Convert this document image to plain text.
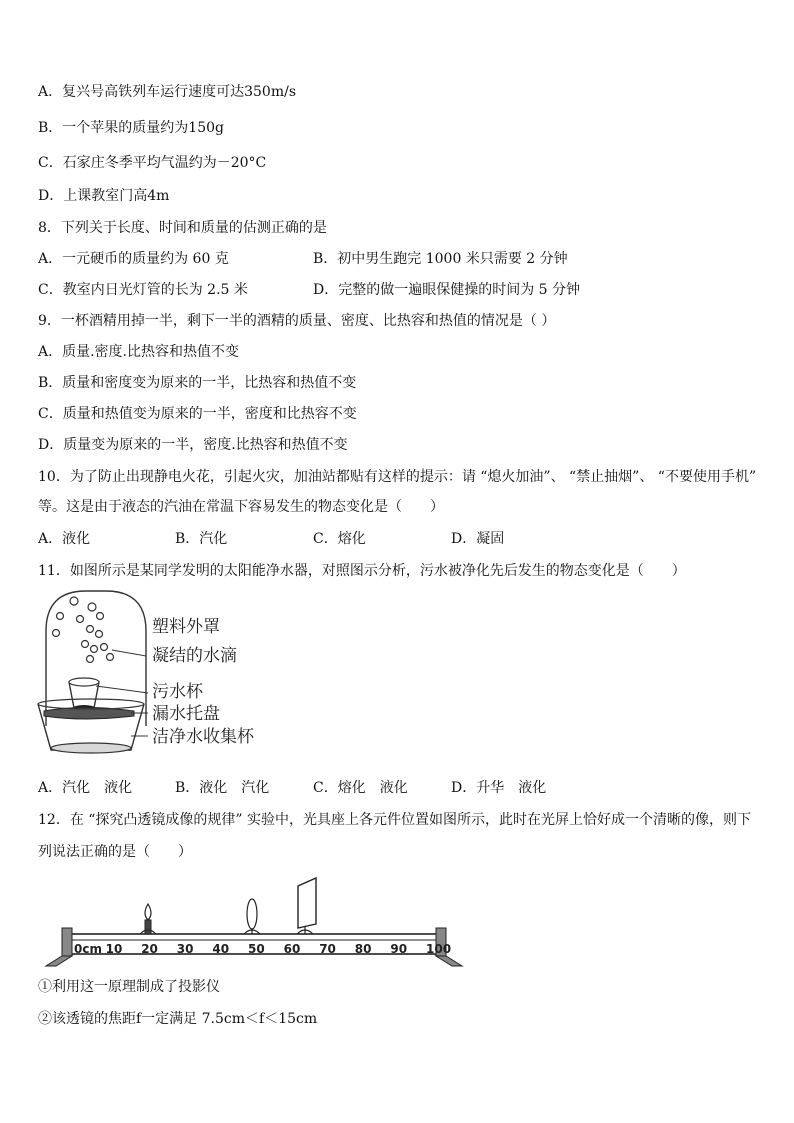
A．复兴号高铁列车运行速度可达350m/s
B．一个苹果的质量约为150g
C．石家庄冬季平均气温约为－20°C
D．上课教室门高4m
8．下列关于长度、时间和质量的估测正确的是
A．一元硬币的质量约为 60 克	B．初中男生跑完 1000 米只需要 2 分钟
C．教室内日光灯管的长为 2.5 米	D．完整的做一遍眼保健操的时间为 5 分钟
9．一杯酒精用掉一半，剩下一半的酒精的质量、密度、比热容和热值的情况是（ ）
A．质量.密度.比热容和热值不变
B．质量和密度变为原来的一半，比热容和热值不变
C．质量和热值变为原来的一半，密度和比热容不变
D．质量变为原来的一半，密度.比热容和热值不变
10．为了防止出现静电火花，引起火灾，加油站都贴有这样的提示：请 “熄火加油”、 “禁止抽烟”、 “不要使用手机”
等。这是由于液态的汽油在常温下容易发生的物态变化是（　　）
A．液化	B．汽化	C．熔化	D．凝固
11．如图所示是某同学发明的太阳能净水器，对照图示分析，污水被净化先后发生的物态变化是（　　）
塑料外罩
凝结的水滴
污水杯
漏水托盘
洁净水收集杯
A．汽化　液化	B．液化　汽化	C．熔化　液化	D．升华　液化
12．在 “探究凸透镜成像的规律” 实验中，光具座上各元件位置如图所示，此时在光屏上恰好成一个清晰的像，则下
列说法正确的是（　　）
0cm 10 20 30 40 50 60 70 80 90 100
①利用这一原理制成了投影仪
②该透镜的焦距f一定满足 7.5cm＜f＜15cm
